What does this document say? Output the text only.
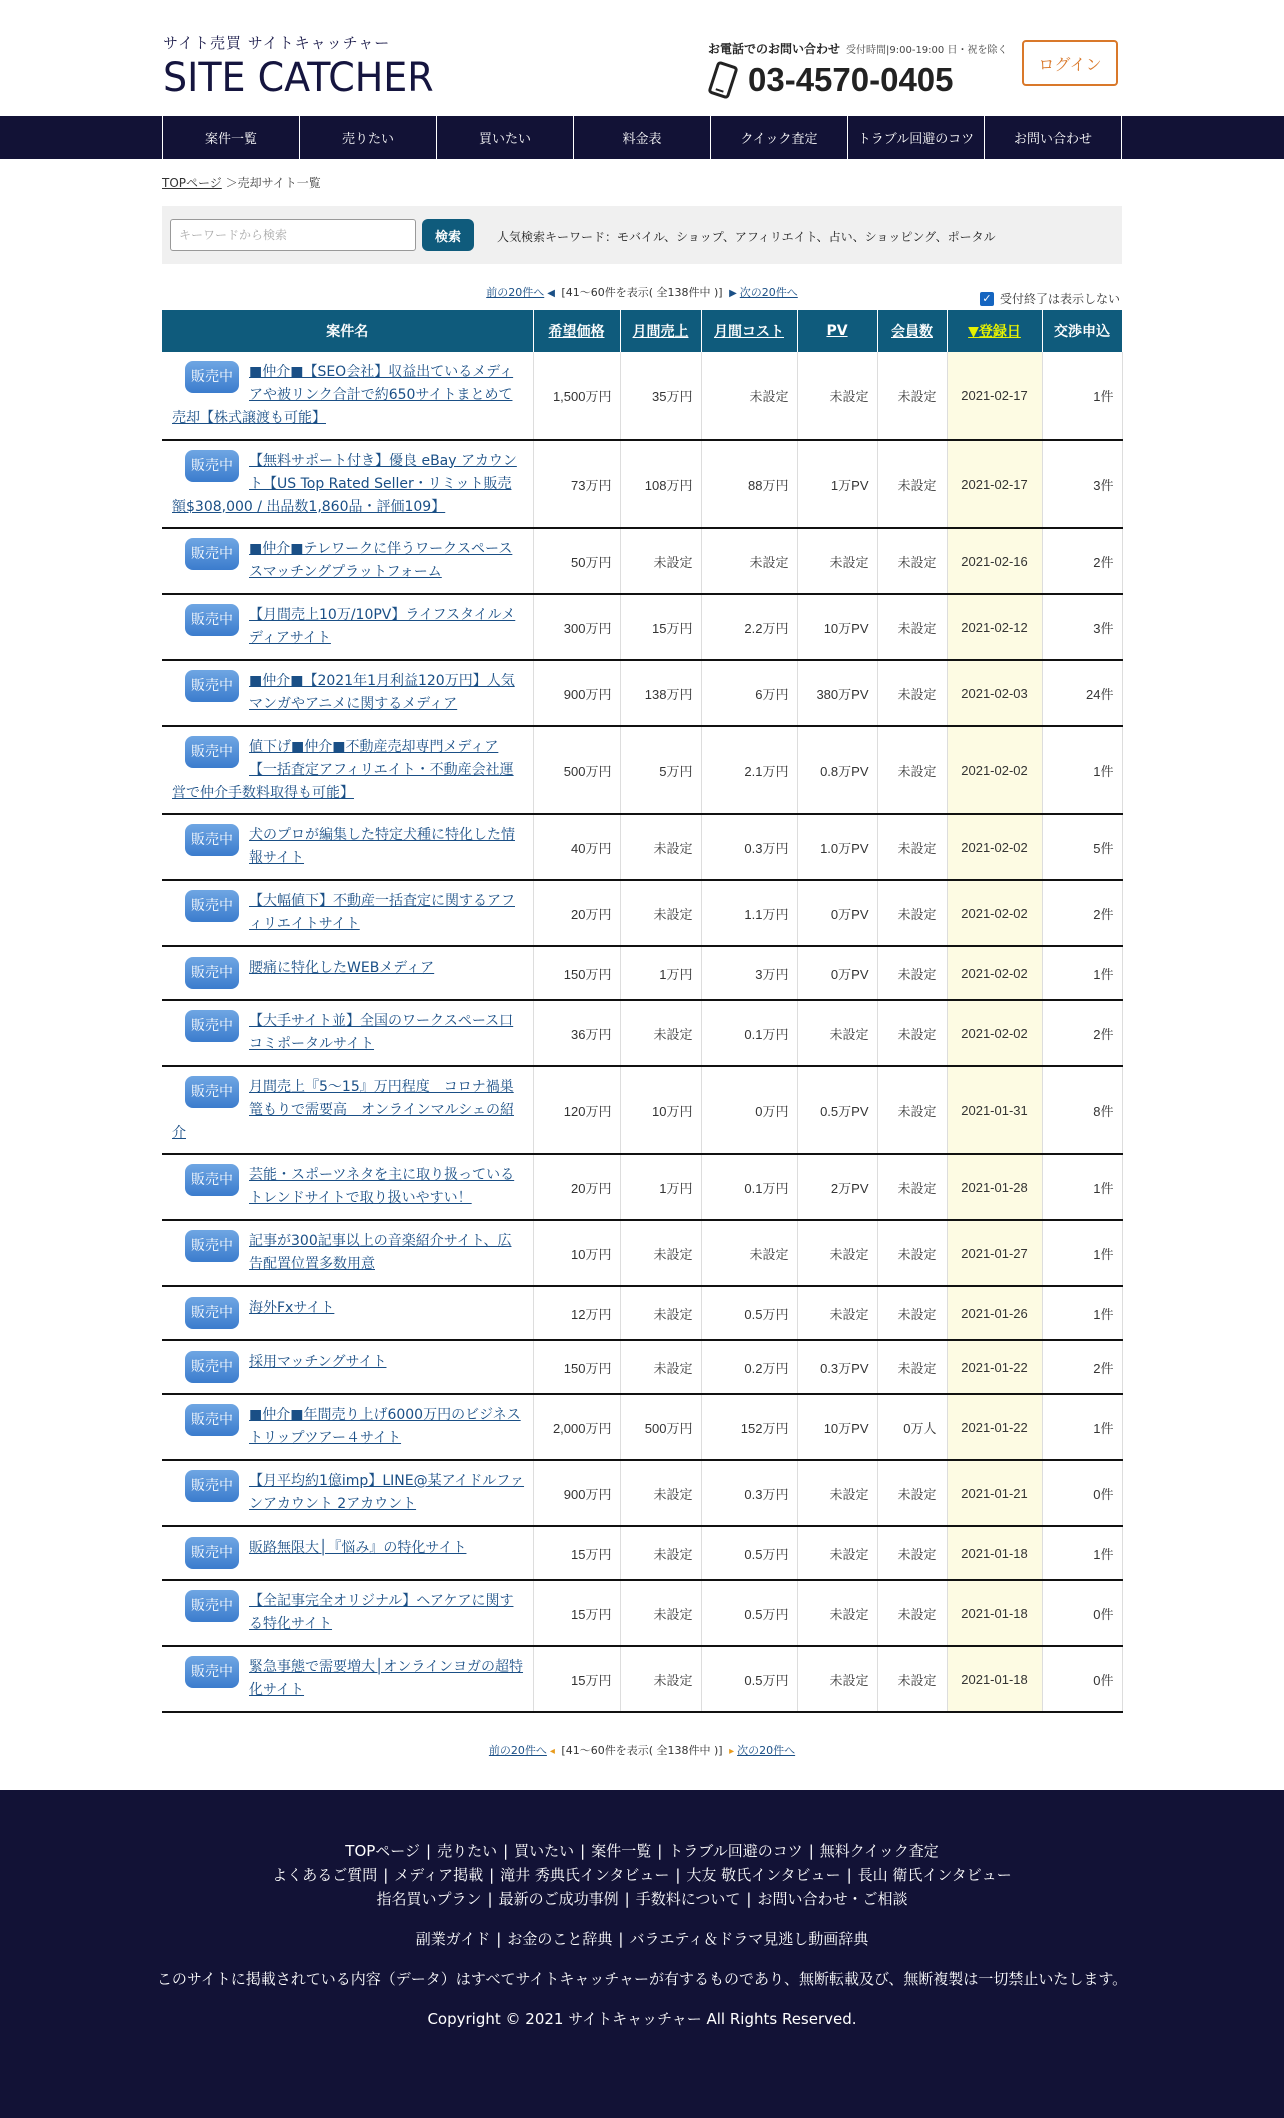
サイト売買 サイトキャッチャー
SITE CATCHER
お電話でのお問い合わせ 受付時間|9:00-19:00 日・祝を除く
03-4570-0405	ログイン
案件一覧	売りたい	買いたい	料金表	クイック査定	トラブル回避のコツ	お問い合わせ
TOPページ ＞売却サイト一覧
キーワードから検索
検索	人気検索キーワード：モバイル、ショップ、アフィリエイト、占い、ショッピング、ポータル
前の20件へ ◀ [41～60件を表示( 全138件中 )] ▶ 次の20件へ	✓ 受付終了は表示しない
案件名	希望価格	月間売上	月間コスト	PV	会員数	▼登録日	交渉申込

販売中 ■仲介■【SEO会社】収益出ているメディアや被リンク合計で約650サイトまとめて売却【株式譲渡も可能】	1,500万円	35万円	未設定	未設定	未設定	2021-02-17	1件

販売中 【無料サポート付き】優良 eBay アカウント【US Top Rated Seller・リミット販売額$308,000 / 出品数1,860品・評価109】	73万円	108万円	88万円	1万PV	未設定	2021-02-17	3件

販売中 ■仲介■テレワークに伴うワークスペーススマッチングプラットフォーム	50万円	未設定	未設定	未設定	未設定	2021-02-16	2件

販売中 【月間売上10万/10PV】ライフスタイルメディアサイト	300万円	15万円	2.2万円	10万PV	未設定	2021-02-12	3件

販売中 ■仲介■【2021年1月利益120万円】人気マンガやアニメに関するメディア	900万円	138万円	6万円	380万PV	未設定	2021-02-03	24件

販売中 値下げ■仲介■不動産売却専門メディア【一括査定アフィリエイト・不動産会社運営で仲介手数料取得も可能】	500万円	5万円	2.1万円	0.8万PV	未設定	2021-02-02	1件

販売中 犬のプロが編集した特定犬種に特化した情報サイト	40万円	未設定	0.3万円	1.0万PV	未設定	2021-02-02	5件

販売中 【大幅値下】不動産一括査定に関するアフィリエイトサイト	20万円	未設定	1.1万円	0万PV	未設定	2021-02-02	2件

販売中 腰痛に特化したWEBメディア	150万円	1万円	3万円	0万PV	未設定	2021-02-02	1件

販売中 【大手サイト並】全国のワークスペース口コミポータルサイト	36万円	未設定	0.1万円	未設定	未設定	2021-02-02	2件

販売中 月間売上『5〜15』万円程度　コロナ禍巣篭もりで需要高　オンラインマルシェの紹介	120万円	10万円	0万円	0.5万PV	未設定	2021-01-31	8件

販売中 芸能・スポーツネタを主に取り扱っているトレンドサイトで取り扱いやすい！	20万円	1万円	0.1万円	2万PV	未設定	2021-01-28	1件

販売中 記事が300記事以上の音楽紹介サイト、広告配置位置多数用意	10万円	未設定	未設定	未設定	未設定	2021-01-27	1件

販売中 海外Fxサイト	12万円	未設定	0.5万円	未設定	未設定	2021-01-26	1件

販売中 採用マッチングサイト	150万円	未設定	0.2万円	0.3万PV	未設定	2021-01-22	2件

販売中 ■仲介■年間売り上げ6000万円のビジネストリップツアー４サイト	2,000万円	500万円	152万円	10万PV	0万人	2021-01-22	1件

販売中 【月平均約1億imp】LINE@某アイドルファンアカウント 2アカウント	900万円	未設定	0.3万円	未設定	未設定	2021-01-21	0件

販売中 販路無限大│『悩み』の特化サイト	15万円	未設定	0.5万円	未設定	未設定	2021-01-18	1件

販売中 【全記事完全オリジナル】ヘアケアに関する特化サイト	15万円	未設定	0.5万円	未設定	未設定	2021-01-18	0件

販売中 緊急事態で需要増大│オンラインヨガの超特化サイト	15万円	未設定	0.5万円	未設定	未設定	2021-01-18	0件
前の20件へ ◂ [41～60件を表示( 全138件中 )] ▸ 次の20件へ
TOPページ | 売りたい | 買いたい | 案件一覧 | トラブル回避のコツ | 無料クイック査定
よくあるご質問 | メディア掲載 | 滝井 秀典氏インタビュー | 大友 敬氏インタビュー | 長山 衛氏インタビュー
指名買いプラン | 最新のご成功事例 | 手数料について | お問い合わせ・ご相談
副業ガイド | お金のこと辞典 | バラエティ＆ドラマ見逃し動画辞典
このサイトに掲載されている内容（データ）はすべてサイトキャッチャーが有するものであり、無断転載及び、無断複製は一切禁止いたします。
Copyright © 2021 サイトキャッチャー All Rights Reserved.
